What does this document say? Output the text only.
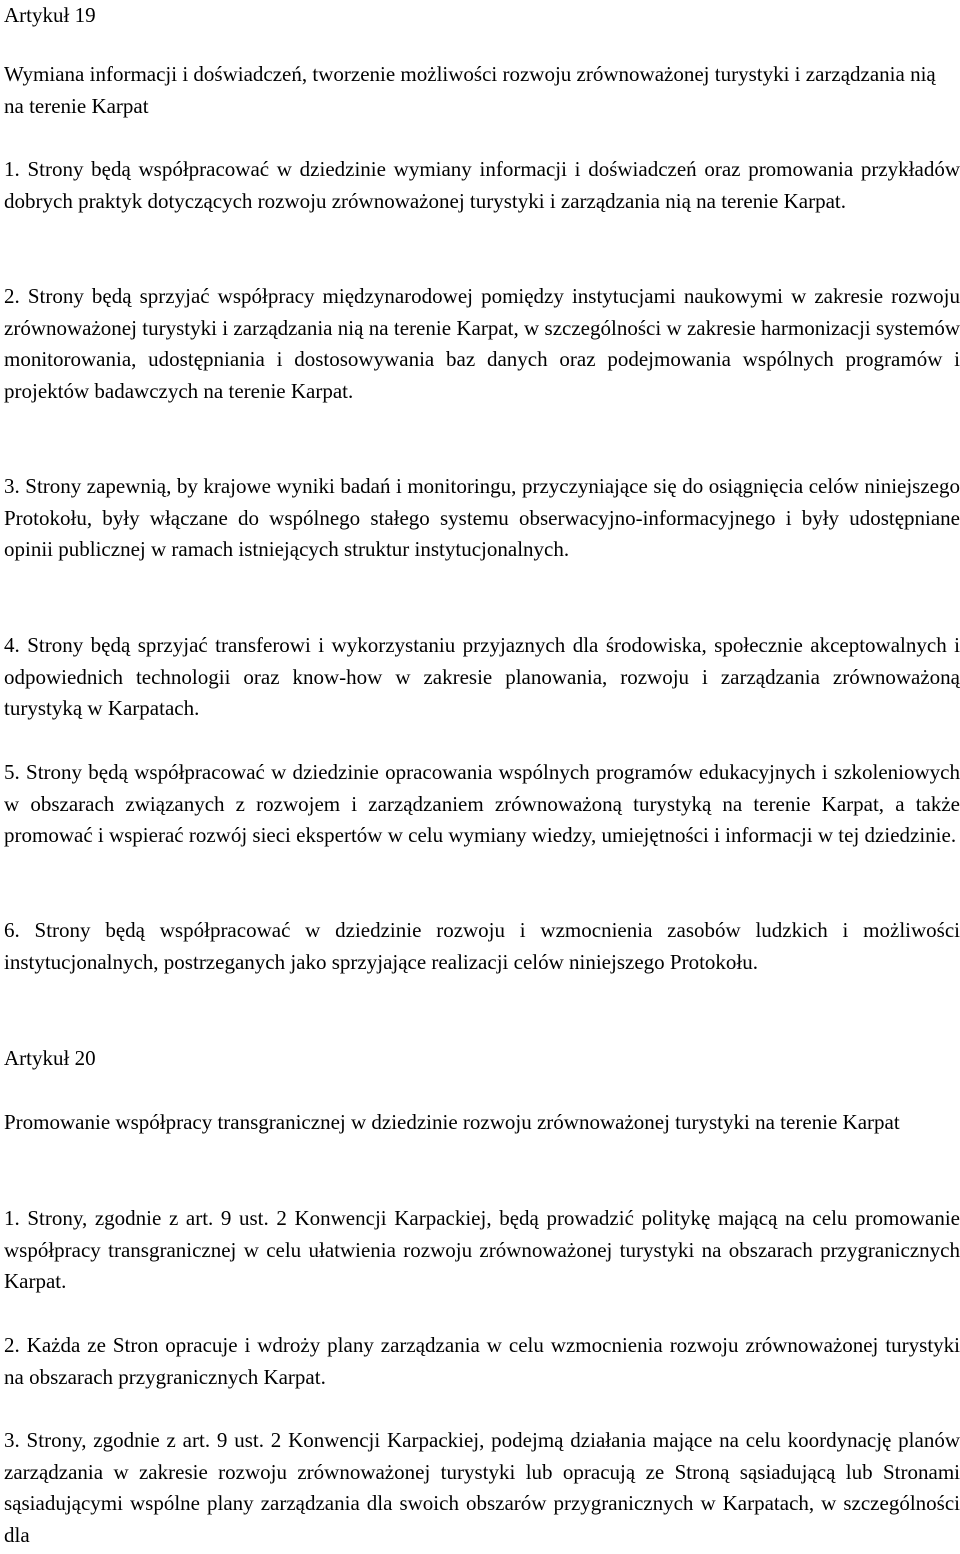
Artykuł 19
Wymiana informacji i doświadczeń, tworzenie możliwości rozwoju zrównoważonej turystyki i zarządzania nią na terenie Karpat
1. Strony będą współpracować w dziedzinie wymiany informacji i doświadczeń oraz promowania przykładów dobrych praktyk dotyczących rozwoju zrównoważonej turystyki i zarządzania nią na terenie Karpat.
2. Strony będą sprzyjać współpracy międzynarodowej pomiędzy instytucjami naukowymi w zakresie rozwoju zrównoważonej turystyki i zarządzania nią na terenie Karpat, w szczególności w zakresie harmonizacji systemów monitorowania, udostępniania i dostosowywania baz danych oraz podejmowania wspólnych programów i projektów badawczych na terenie Karpat.
3. Strony zapewnią, by krajowe wyniki badań i monitoringu, przyczyniające się do osiągnięcia celów niniejszego Protokołu, były włączane do wspólnego stałego systemu obserwacyjno-informacyjnego i były udostępniane opinii publicznej w ramach istniejących struktur instytucjonalnych.
4. Strony będą sprzyjać transferowi i wykorzystaniu przyjaznych dla środowiska, społecznie akceptowalnych i odpowiednich technologii oraz know-how w zakresie planowania, rozwoju i zarządzania zrównoważoną turystyką w Karpatach.
5. Strony będą współpracować w dziedzinie opracowania wspólnych programów edukacyjnych i szkoleniowych w obszarach związanych z rozwojem i zarządzaniem zrównoważoną turystyką na terenie Karpat, a także promować i wspierać rozwój sieci ekspertów w celu wymiany wiedzy, umiejętności i informacji w tej dziedzinie.
6. Strony będą współpracować w dziedzinie rozwoju i wzmocnienia zasobów ludzkich i możliwości instytucjonalnych, postrzeganych jako sprzyjające realizacji celów niniejszego Protokołu.
Artykuł 20
Promowanie współpracy transgranicznej w dziedzinie rozwoju zrównoważonej turystyki na terenie Karpat
1. Strony, zgodnie z art. 9 ust. 2 Konwencji Karpackiej, będą prowadzić politykę mającą na celu promowanie współpracy transgranicznej w celu ułatwienia rozwoju zrównoważonej turystyki na obszarach przygranicznych Karpat.
2. Każda ze Stron opracuje i wdroży plany zarządzania w celu wzmocnienia rozwoju zrównoważonej turystyki na obszarach przygranicznych Karpat.
3. Strony, zgodnie z art. 9 ust. 2 Konwencji Karpackiej, podejmą działania mające na celu koordynację planów zarządzania w zakresie rozwoju zrównoważonej turystyki lub opracują ze Stroną sąsiadującą lub Stronami sąsiadującymi wspólne plany zarządzania dla swoich obszarów przygranicznych w Karpatach, w szczególności dla
